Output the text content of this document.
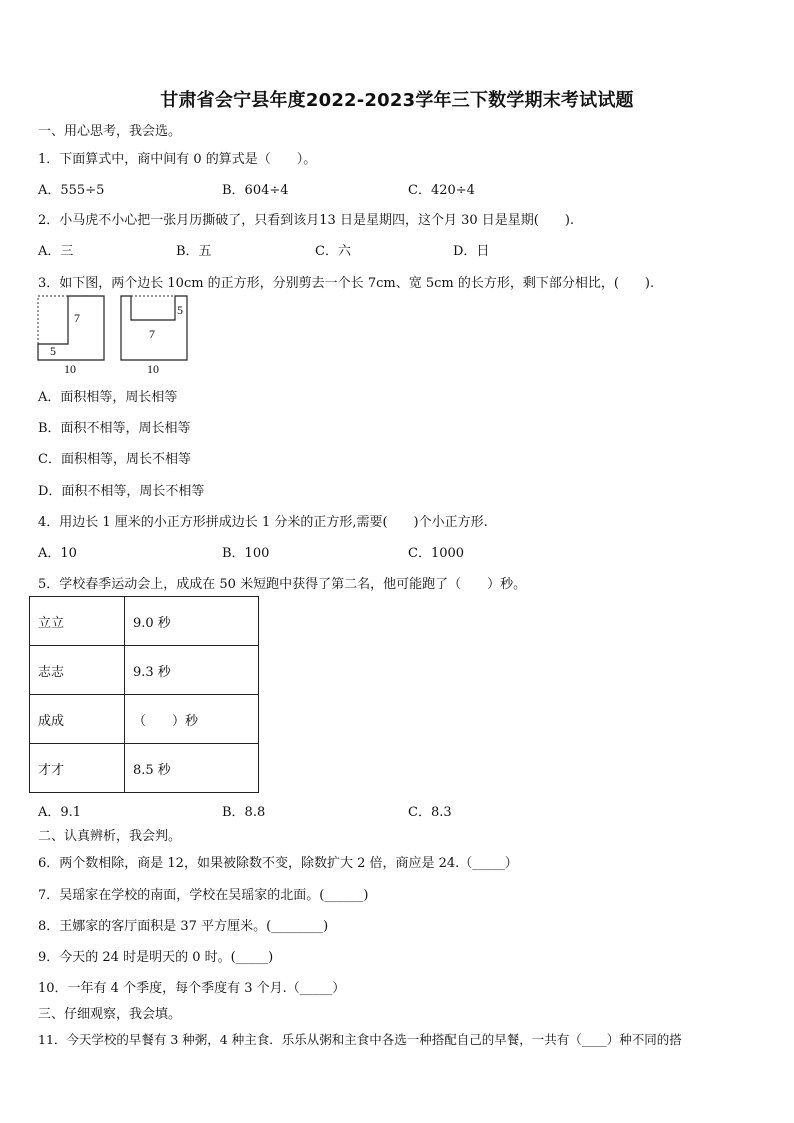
甘肃省会宁县年度2022-2023学年三下数学期末考试试题
一、用心思考，我会选。
1．下面算式中，商中间有 0 的算式是（　　）。
A．555÷5	B．604÷4	C．420÷4
2．小马虎不小心把一张月历撕破了，只看到该月13 日是星期四，这个月 30 日是星期(　　).
A．三	B．五	C．六	D．日
3．如下图，两个边长 10cm 的正方形，分别剪去一个长 7cm、宽 5cm 的长方形，剩下部分相比，(　　).
7
5
10
5
7
10
A．面积相等，周长相等
B．面积不相等，周长相等
C．面积相等，周长不相等
D．面积不相等，周长不相等
4．用边长 1 厘米的小正方形拼成边长 1 分米的正方形,需要(　　)个小正方形.
A．10	B．100	C．1000
5．学校春季运动会上，成成在 50 米短跑中获得了第二名，他可能跑了（　　）秒。
立立	9.0 秒
志志	9.3 秒
成成	（　　）秒
才才	8.5 秒
A．9.1	B．8.8	C．8.3
二、认真辨析，我会判。
6．两个数相除，商是 12，如果被除数不变，除数扩大 2 倍，商应是 24.（_____）
7．吴瑶家在学校的南面，学校在吴瑶家的北面。(______)
8．王娜家的客厅面积是 37 平方厘米。(________)
9．今天的 24 时是明天的 0 时。(_____)
10．一年有 4 个季度，每个季度有 3 个月.（_____）
三、仔细观察，我会填。
11．今天学校的早餐有 3 种粥，4 种主食．乐乐从粥和主食中各选一种搭配自己的早餐，一共有（____）种不同的搭
